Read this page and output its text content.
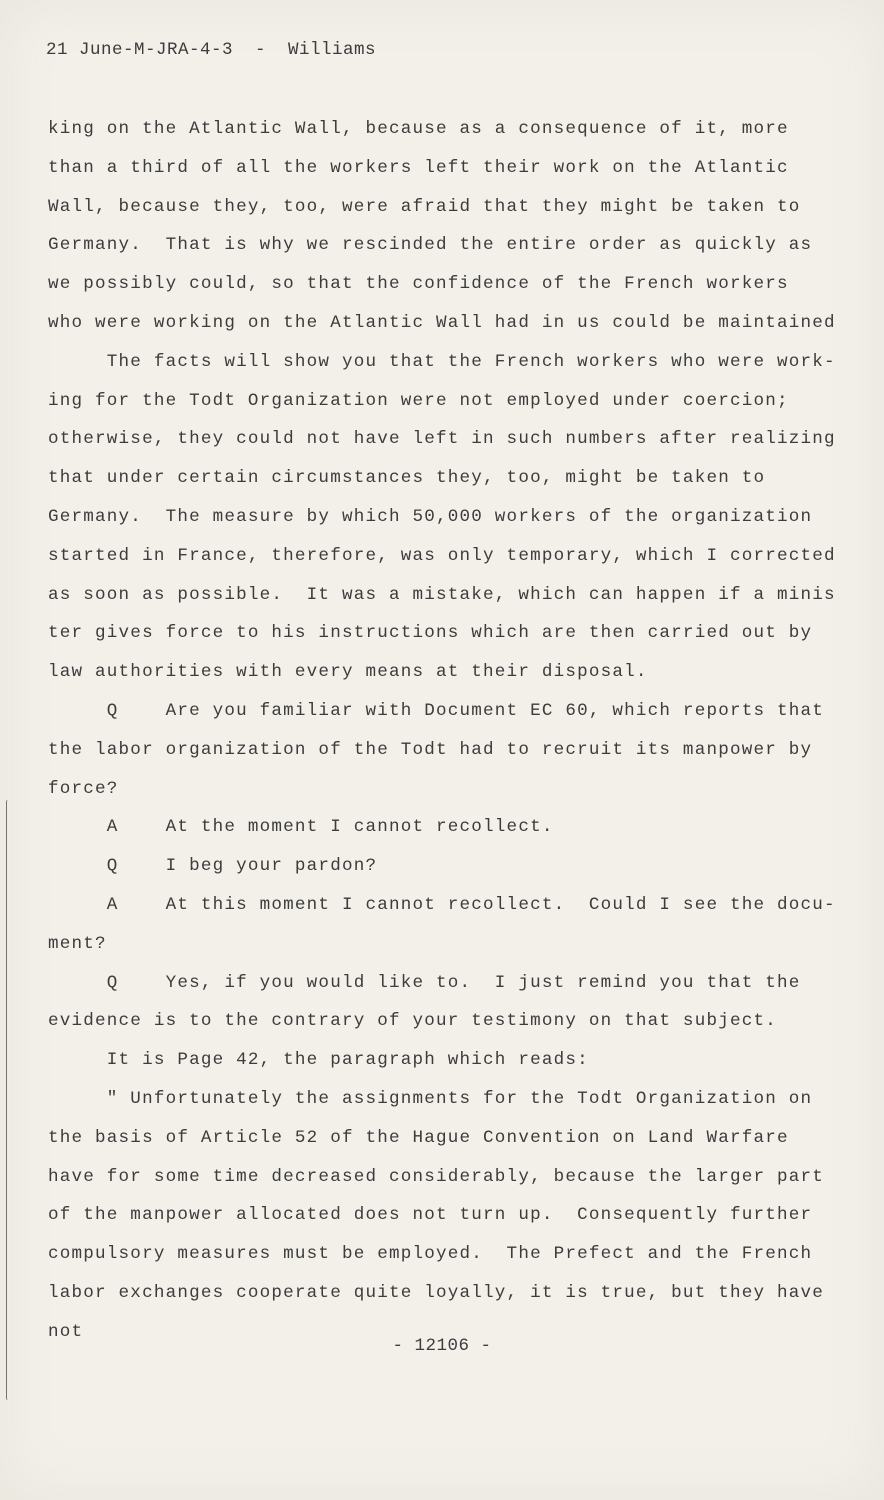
21 June-M-JRA-4-3  -  Williams
king on the Atlantic Wall, because as a consequence of it, more
than a third of all the workers left their work on the Atlantic
Wall, because they, too, were afraid that they might be taken to
Germany.  That is why we rescinded the entire order as quickly as
we possibly could, so that the confidence of the French workers
who were working on the Atlantic Wall had in us could be maintained
The facts will show you that the French workers who were work-
ing for the Todt Organization were not employed under coercion;
otherwise, they could not have left in such numbers after realizing
that under certain circumstances they, too, might be taken to
Germany.  The measure by which 50,000 workers of the organization
started in France, therefore, was only temporary, which I corrected
as soon as possible.  It was a mistake, which can happen if a minis
ter gives force to his instructions which are then carried out by
law authorities with every means at their disposal.
Q    Are you familiar with Document EC 60, which reports that
the labor organization of the Todt had to recruit its manpower by
force?
A    At the moment I cannot recollect.
Q    I beg your pardon?
A    At this moment I cannot recollect.  Could I see the docu-
ment?
Q    Yes, if you would like to.  I just remind you that the
evidence is to the contrary of your testimony on that subject.
It is Page 42, the paragraph which reads:
" Unfortunately the assignments for the Todt Organization on
the basis of Article 52 of the Hague Convention on Land Warfare
have for some time decreased considerably, because the larger part
of the manpower allocated does not turn up.  Consequently further
compulsory measures must be employed.  The Prefect and the French
labor exchanges cooperate quite loyally, it is true, but they have
not
- 12106 -
